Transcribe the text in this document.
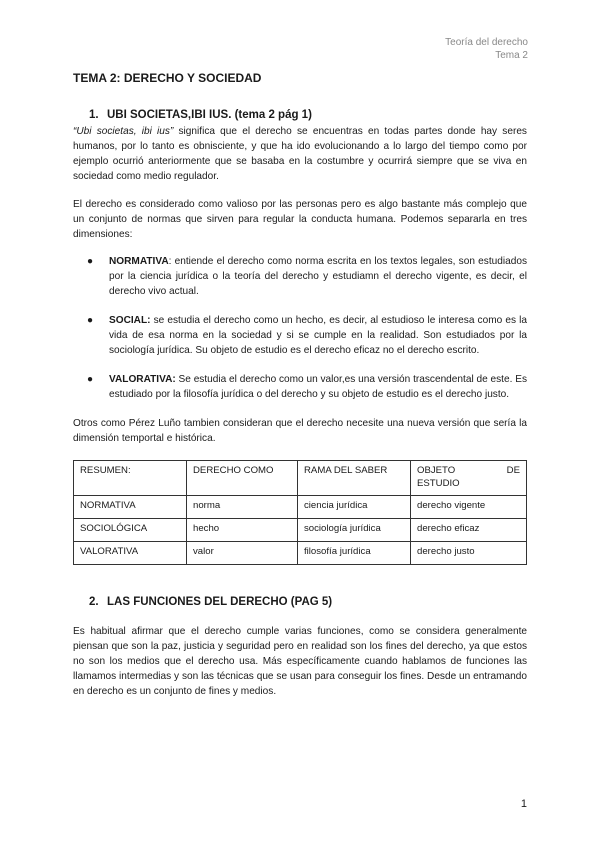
Teoría del derecho
Tema 2
TEMA 2: DERECHO Y SOCIEDAD
1. UBI SOCIETAS,IBI IUS. (tema 2 pág 1)

“Ubi societas, ibi ius” significa que el derecho se encuentras en todas partes donde hay seres humanos, por lo tanto es obnisciente, y que ha ido evolucionando a lo largo del tiempo como por ejemplo ocurrió anteriormente que se basaba en la costumbre y ocurrirá siempre que se viva en sociedad como medio regulador.

El derecho es considerado como valioso por las personas pero es algo bastante más complejo que un conjunto de normas que sirven para regular la conducta humana. Podemos separarla en tres dimensiones:

● NORMATIVA: entiende el derecho como norma escrita en los textos legales, son estudiados por la ciencia jurídica o la teoría del derecho y estudiamn el derecho vigente, es decir, el derecho vivo actual.
● SOCIAL: se estudia el derecho como un hecho, es decir, al estudioso le interesa como es la vida de esa norma en la sociedad y si se cumple en la realidad. Son estudiados por la sociología jurídica. Su objeto de estudio es el derecho eficaz no el derecho escrito.
● VALORATIVA: Se estudia el derecho como un valor,es una versión trascendental de este. Es estudiado por la filosofía jurídica o del derecho y su objeto de estudio es el derecho justo.

Otros como Pérez Luño tambien consideran que el derecho necesite una nueva versión que sería la dimensión temportal e histórica.

RESUMEN:	DERECHO COMO	RAMA DEL SABER	OBJETO DE
ESTUDIO

NORMATIVA	norma	ciencia jurídica	derecho vigente
SOCIOLÓGICA	hecho	sociología jurídica	derecho eficaz
VALORATIVA	valor	filosofía jurídica	derecho justo
2. LAS FUNCIONES DEL DERECHO (PAG 5)

Es habitual afirmar que el derecho cumple varias funciones, como se considera generalmente piensan que son la paz, justicia y seguridad pero en realidad son los fines del derecho, ya que estos no son los medios que el derecho usa. Más específicamente cuando hablamos de funciones las llamamos intermedias y son las técnicas que se usan para conseguir los fines. Desde un entramando en derecho es un conjunto de fines y medios.

1
